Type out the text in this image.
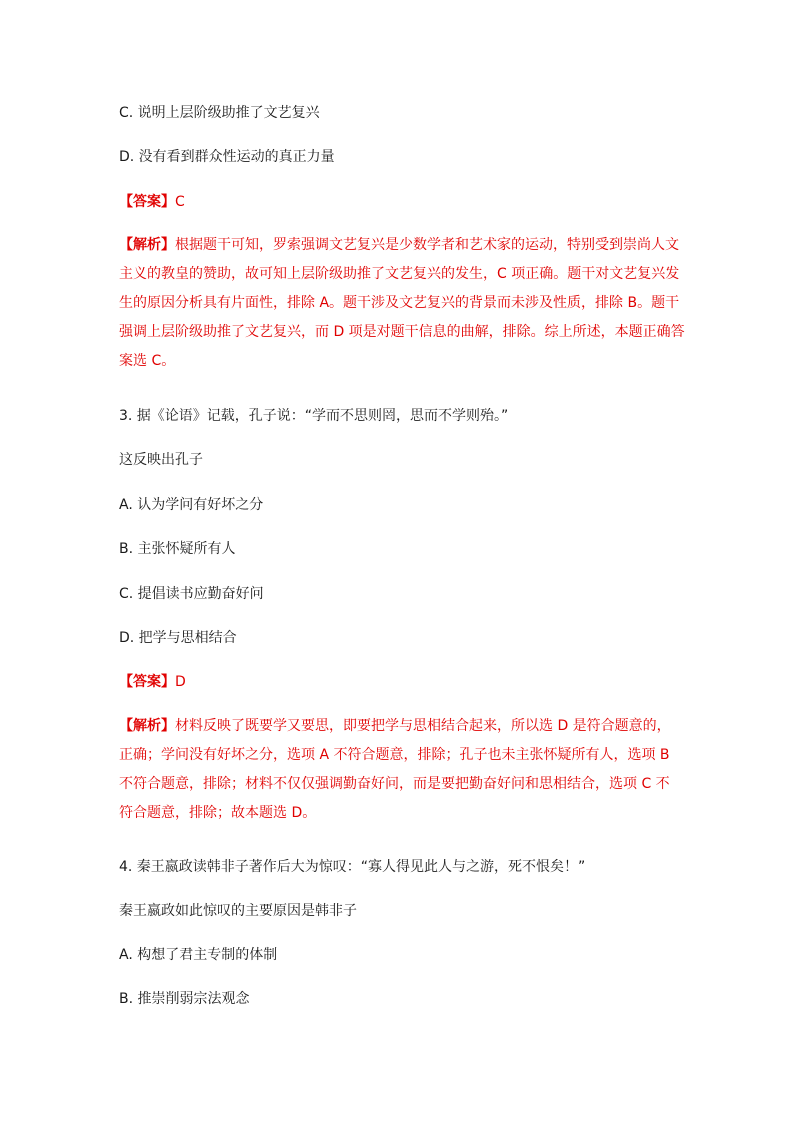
C. 说明上层阶级助推了文艺复兴
D. 没有看到群众性运动的真正力量
【答案】C
【解析】根据题干可知，罗索强调文艺复兴是少数学者和艺术家的运动，特别受到崇尚人文
主义的教皇的赞助，故可知上层阶级助推了文艺复兴的发生，C 项正确。题干对文艺复兴发
生的原因分析具有片面性，排除 A。题干涉及文艺复兴的背景而未涉及性质，排除 B。题干
强调上层阶级助推了文艺复兴，而 D 项是对题干信息的曲解，排除。综上所述，本题正确答
案选 C。
3. 据《论语》记载，孔子说：“学而不思则罔，思而不学则殆。”
这反映出孔子
A. 认为学问有好坏之分
B. 主张怀疑所有人
C. 提倡读书应勤奋好问
D. 把学与思相结合
【答案】D
【解析】材料反映了既要学又要思，即要把学与思相结合起来，所以选 D 是符合题意的，
正确；学问没有好坏之分，选项 A 不符合题意，排除；孔子也未主张怀疑所有人，选项 B
不符合题意，排除；材料不仅仅强调勤奋好问，而是要把勤奋好问和思相结合，选项 C 不
符合题意，排除；故本题选 D。
4. 秦王嬴政读韩非子著作后大为惊叹：“寡人得见此人与之游，死不恨矣！”
秦王嬴政如此惊叹的主要原因是韩非子
A. 构想了君主专制的体制
B. 推崇削弱宗法观念
